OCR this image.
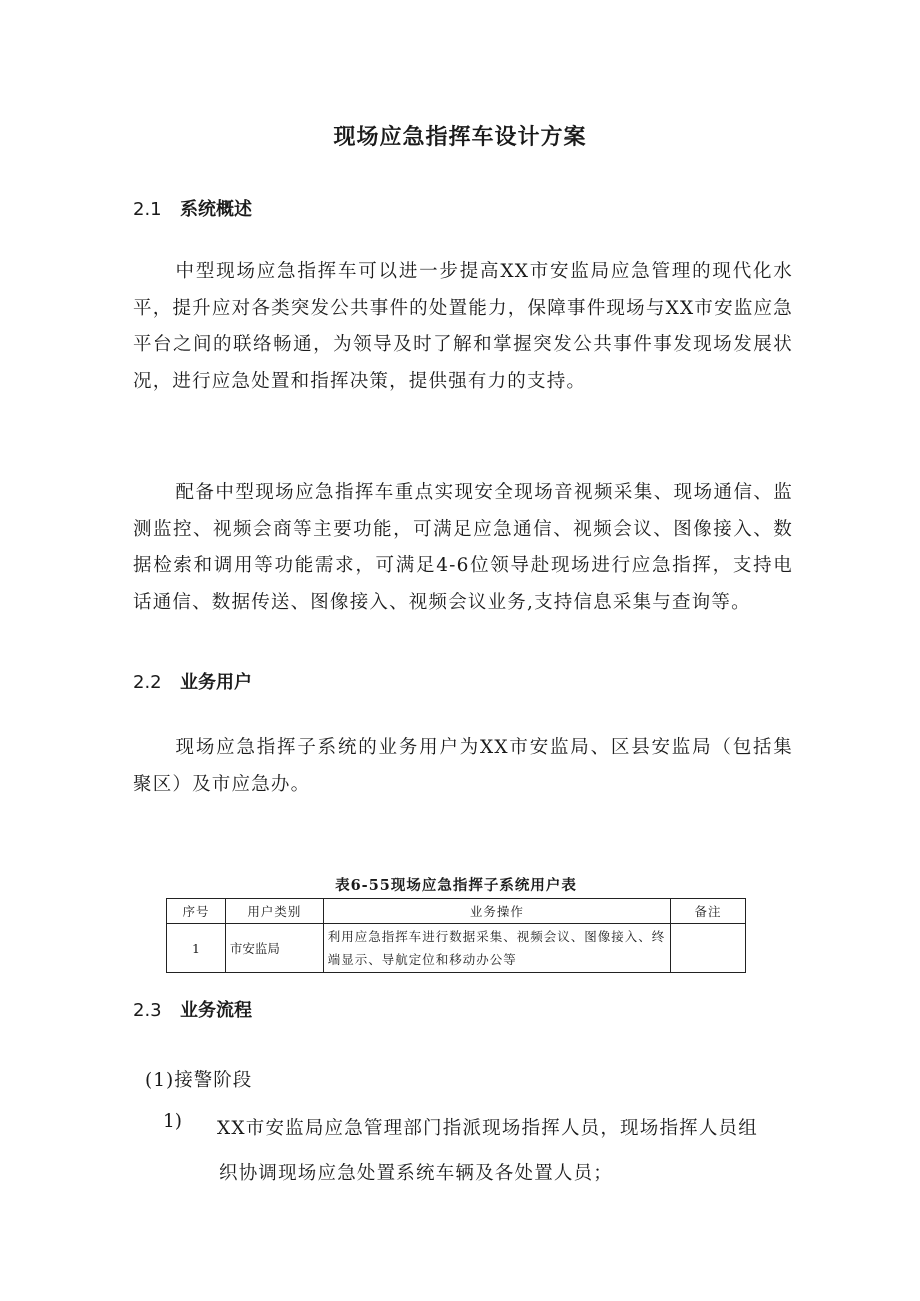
现场应急指挥车设计方案
2.1 系统概述

中型现场应急指挥车可以进一步提高XX市安监局应急管理的现代化水平，提升应对各类突发公共事件的处置能力，保障事件现场与XX市安监应急平台之间的联络畅通，为领导及时了解和掌握突发公共事件事发现场发展状况，进行应急处置和指挥决策，提供强有力的支持。

配备中型现场应急指挥车重点实现安全现场音视频采集、现场通信、监测监控、视频会商等主要功能，可满足应急通信、视频会议、图像接入、数据检索和调用等功能需求，可满足4-6位领导赴现场进行应急指挥，支持电话通信、数据传送、图像接入、视频会议业务,支持信息采集与查询等。

2.2 业务用户

现场应急指挥子系统的业务用户为XX市安监局、区县安监局（包括集聚区）及市应急办。

表6-55现场应急指挥子系统用户表
序号	用户类别	业务操作	备注
1	市安监局	利用应急指挥车进行数据采集、视频会议、图像接入、终端显示、导航定位和移动办公等	
2.3 业务流程
(1)接警阶段
1) XX市安监局应急管理部门指派现场指挥人员，现场指挥人员组
织协调现场应急处置系统车辆及各处置人员；
